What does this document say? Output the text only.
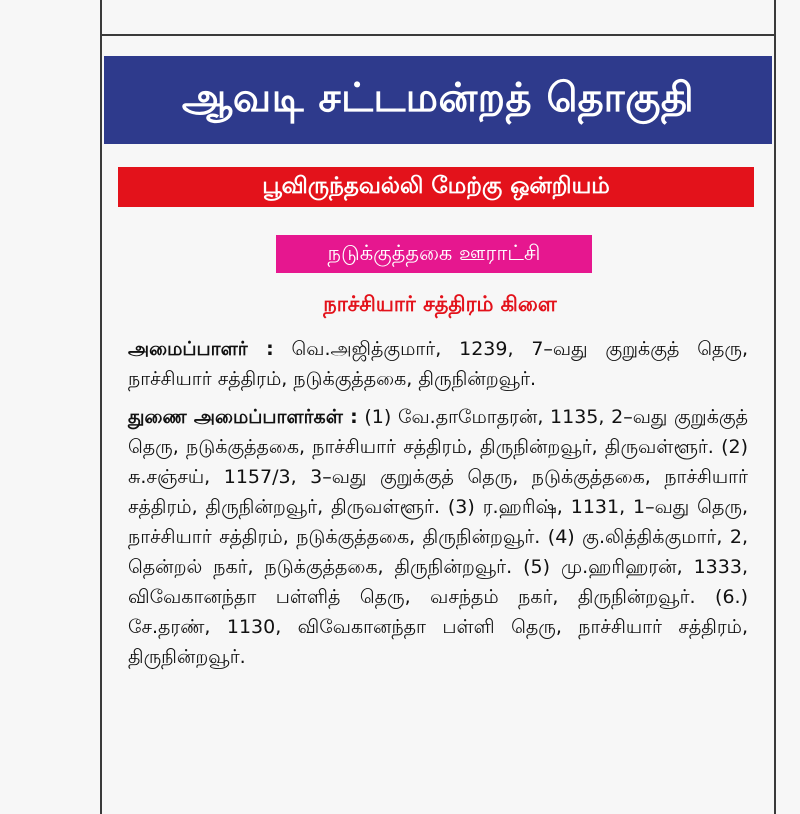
ஆவடி சட்டமன்றத் தொகுதி
பூவிருந்தவல்லி மேற்கு ஒன்றியம்
நடுக்குத்தகை ஊராட்சி
நாச்சியார் சத்திரம் கிளை

அமைப்பாளர் : வெ.அஜித்குமார், 1239, 7–வது குறுக்குத் தெரு, நாச்சியார் சத்திரம், நடுக்குத்தகை, திருநின்றவூர்.

துணை அமைப்பாளர்கள் : (1) வே.தாமோதரன், 1135, 2–வது குறுக்குத் தெரு, நடுக்குத்தகை, நாச்சியார் சத்திரம், திருநின்றவூர், திருவள்ளூர். (2) சு.சஞ்சய், 1157/3, 3–வது குறுக்குத் தெரு, நடுக்குத்தகை, நாச்சியார் சத்திரம், திருநின்றவூர், திருவள்ளூர். (3) ர.ஹரிஷ், 1131, 1–வது தெரு, நாச்சியார் சத்திரம், நடுக்குத்தகை, திருநின்றவூர். (4) கு.லித்திக்குமார், 2, தென்றல் நகர், நடுக்குத்தகை, திருநின்றவூர். (5) மு.ஹரிஹரன், 1333, விவேகானந்தா பள்ளித் தெரு, வசந்தம் நகர், திருநின்றவூர். (6.) சே.தரண், 1130, விவேகானந்தா பள்ளி தெரு, நாச்சியார் சத்திரம், திருநின்றவூர்.
